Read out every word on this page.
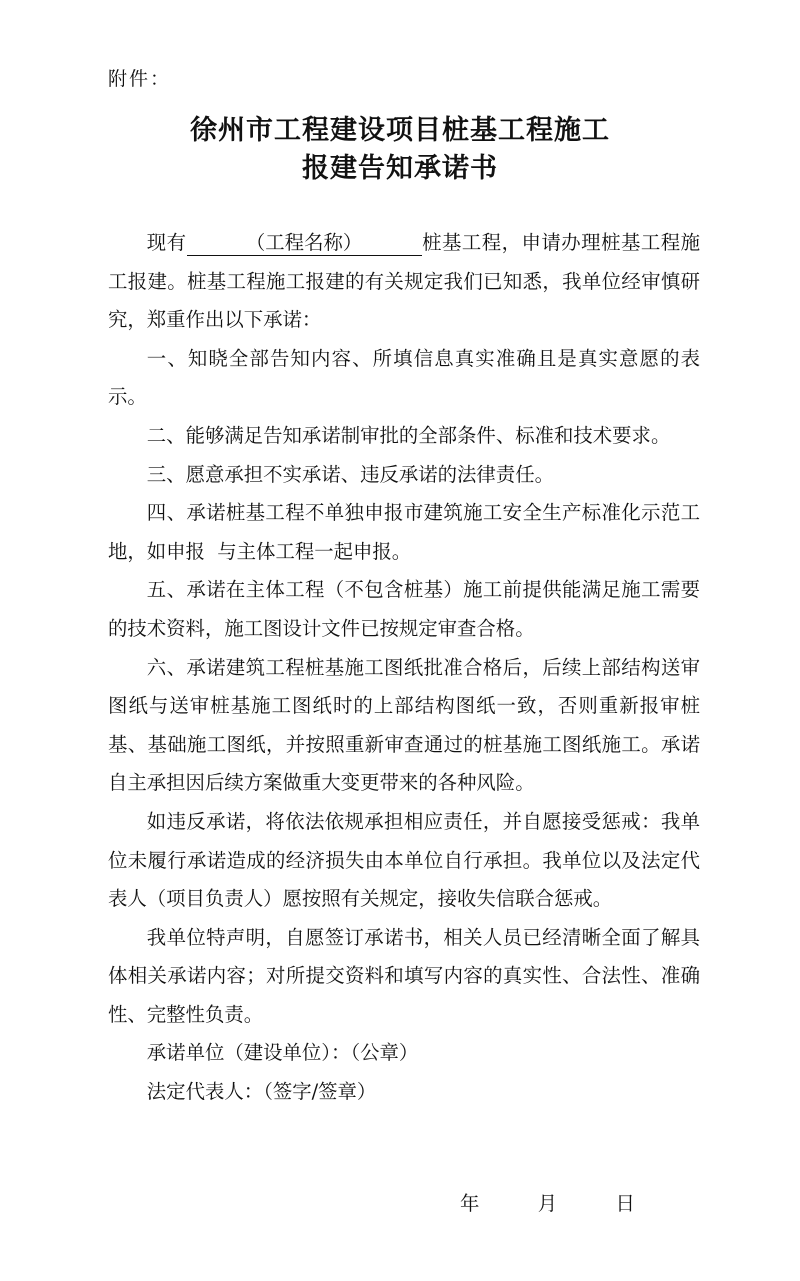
附件：
徐州市工程建设项目桩基工程施工
报建告知承诺书

现有	（工程名称）	桩基工程，申请办理桩基工程施工报建。桩基工程施工报建的有关规定我们已知悉，我单位经审慎研究，郑重作出以下承诺：

一、知晓全部告知内容、所填信息真实准确且是真实意愿的表示。

二、能够满足告知承诺制审批的全部条件、标准和技术要求。

三、愿意承担不实承诺、违反承诺的法律责任。

四、承诺桩基工程不单独申报市建筑施工安全生产标准化示范工地，如申报  与主体工程一起申报。

五、承诺在主体工程（不包含桩基）施工前提供能满足施工需要的技术资料，施工图设计文件已按规定审查合格。

六、承诺建筑工程桩基施工图纸批准合格后，后续上部结构送审图纸与送审桩基施工图纸时的上部结构图纸一致，否则重新报审桩基、基础施工图纸，并按照重新审查通过的桩基施工图纸施工。承诺自主承担因后续方案做重大变更带来的各种风险。

如违反承诺，将依法依规承担相应责任，并自愿接受惩戒：我单位未履行承诺造成的经济损失由本单位自行承担。我单位以及法定代表人（项目负责人）愿按照有关规定，接收失信联合惩戒。

我单位特声明，自愿签订承诺书，相关人员已经清晰全面了解具体相关承诺内容；对所提交资料和填写内容的真实性、合法性、准确性、完整性负责。

承诺单位（建设单位）：（公章）

法定代表人：（签字/签章）

年	月	日
